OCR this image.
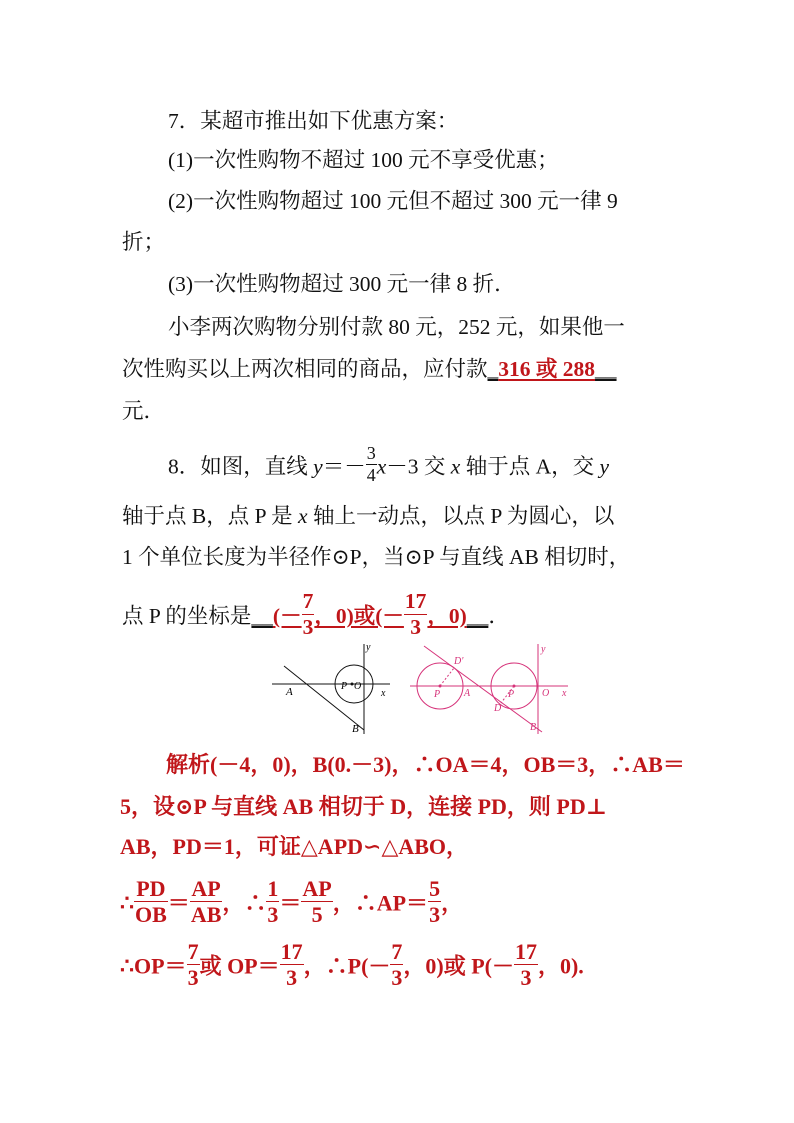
7．某超市推出如下优惠方案：
(1)一次性购物不超过 100 元不享受优惠；
(2)一次性购物超过 100 元但不超过 300 元一律 9
折；
(3)一次性购物超过 300 元一律 8 折．
小李两次购物分别付款 80 元，252 元，如果他一
次性购买以上两次相同的商品，应付款_316 或 288__
元．
8．如图，直线 $y=- \frac{3}{4} x-3$ 交 x 轴于点 A，交 y
轴于点 B，点 P 是 x 轴上一动点，以点 P 为圆心，以
1 个单位长度为半径作⊙P，当⊙P 与直线 AB 相切时，
点 P 的坐标是__(－ $\frac{7}{3}$ ，0)或(－ $\frac{17}{3}$ ，0)__．
A
B
P O
x
y
P	P
A	O
D'
D
B
x
y
解析(－4，0)，B(0.－3)，∴OA＝4，OB＝3，∴AB＝
5，设⊙P 与直线 AB 相切于 D，连接 PD，则 PD⊥
AB，PD＝1，可证△APD∽△ABO，
∴ $\frac{PD}{OB} = \frac{AP}{AB}$ ，∴ $\frac{1}{3} = \frac{AP}{5}$ ，∴AP＝ $\frac{5}{3}$ ，
∴OP＝ $\frac{7}{3}$ 或 $OP= \frac{17}{3}$ ，∴P(－ $\frac{7}{3}$ ，0)或 $P(- \frac{17}{3}$ ，0).
